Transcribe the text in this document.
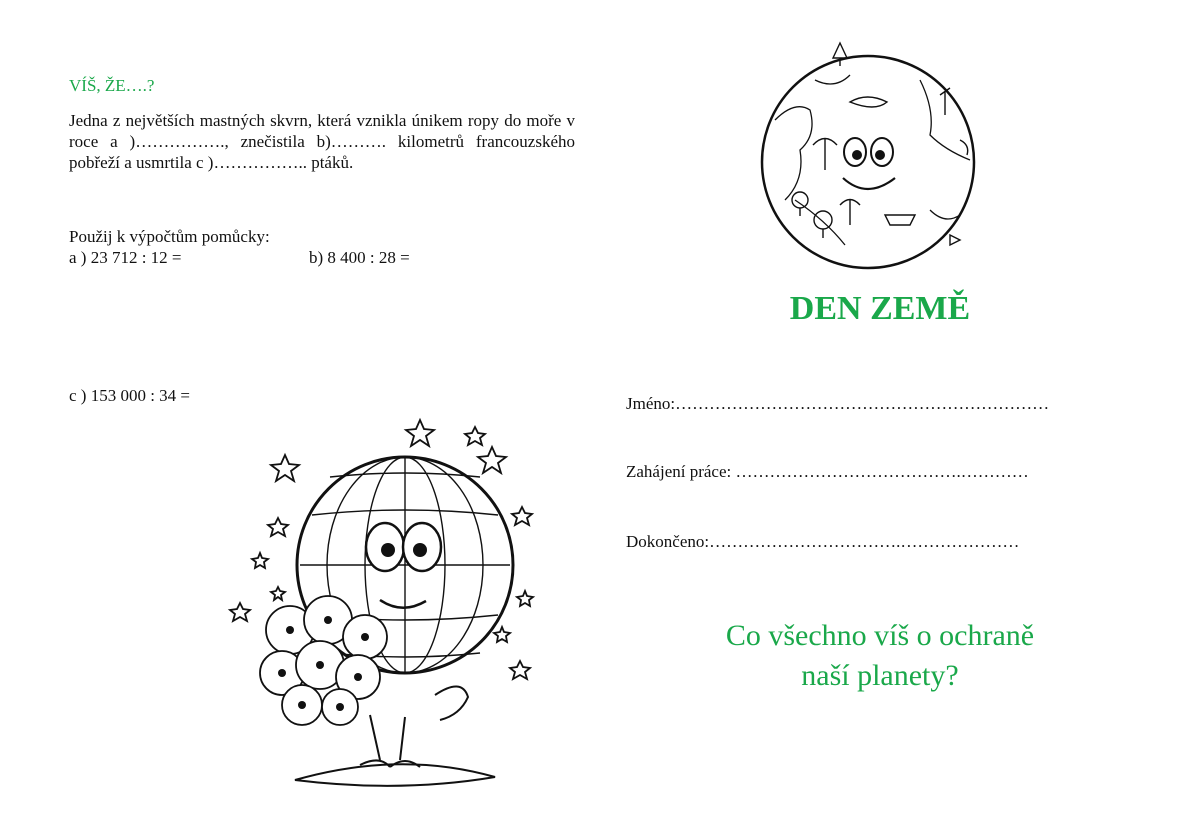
VÍŠ, ŽE….?

Jedna z největších mastných skvrn, která vznikla únikem ropy do moře v roce a )……………., znečistila b)………. kilometrů francouzského pobřeží a usmrtila c )…………….. ptáků.

Použij k výpočtům pomůcky:
a ) 23 712 : 12 =	b) 8 400 : 28 =
c ) 153 000 : 34 =
DEN ZEMĚ
Jméno:…………………………………………………………
Zahájení práce: ………………………………….…………
Dokončeno:…………………………….…………………
Co všechno víš o ochraně
naší planety?
